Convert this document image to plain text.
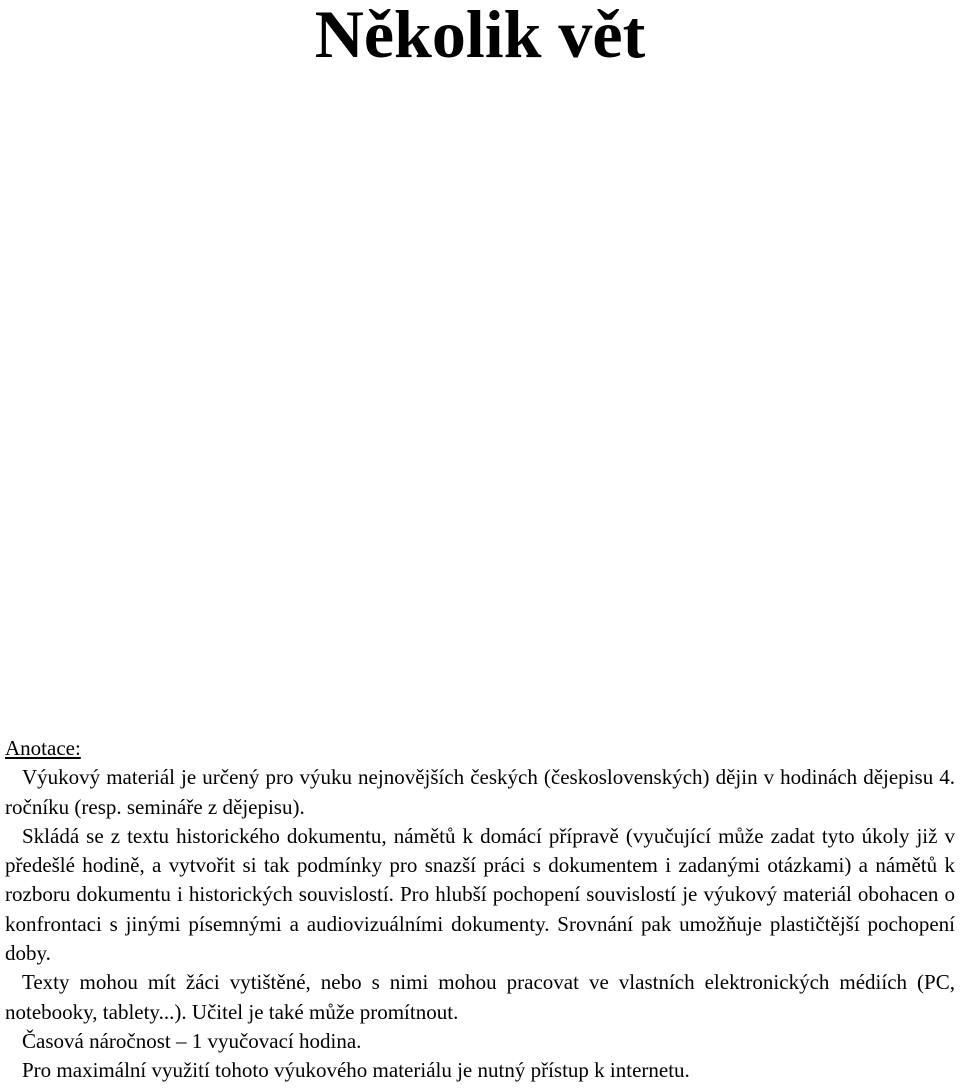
Několik vět
Anotace:

Výukový materiál je určený pro výuku nejnovějších českých (československých) dějin v hodinách dějepisu 4. ročníku (resp. semináře z dějepisu).

Skládá se z textu historického dokumentu, námětů k domácí přípravě (vyučující může zadat tyto úkoly již v předešlé hodině, a vytvořit si tak podmínky pro snazší práci s dokumentem i zadanými otázkami) a námětů k rozboru dokumentu i historických souvislostí. Pro hlubší pochopení souvislostí je výukový materiál obohacen o konfrontaci s jinými písemnými a audiovizuálními dokumenty. Srovnání pak umožňuje plastičtější pochopení doby.

Texty mohou mít žáci vytištěné, nebo s nimi mohou pracovat ve vlastních elektronických médiích (PC, notebooky, tablety...). Učitel je také může promítnout.

Časová náročnost – 1 vyučovací hodina.

Pro maximální využití tohoto výukového materiálu je nutný přístup k internetu.
